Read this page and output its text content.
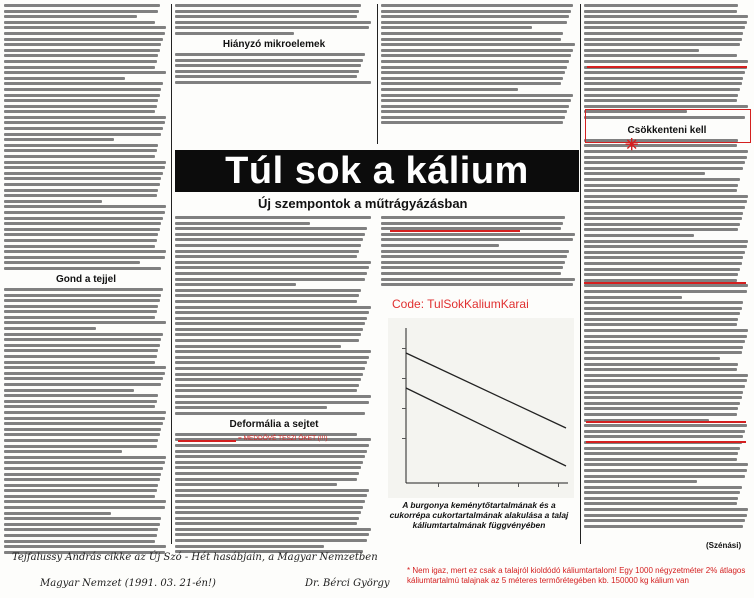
Gond a tejjel
Hiányzó mikroelemek
Csökkenteni kell
Túl sok a kálium
Új szempontok a műtrágyázásban
Deformália a sejtet
Code: TulSokKaliumKarai
A burgonya keménytőtartalmának és a cukorrépa cukortartalmának alakulása a talaj káliumtartalmának függvényében
= MEDDŐVÉ TESZI ŐKET (!!!)
(Szénási)
✳
Tejfalussy András cikke az Új Szó - Hét hasábjain, a Magyar Nemzetben
Magyar Nemzet (1991. 03. 21-én!)	Dr. Bérci György
* Nem igaz, mert ez csak a talajról kioldódó káliumtartalom! Egy 1000 négyzetméter 2% átlagos káliumtartalmú talajnak az 5 méteres termőrétegében kb. 150000 kg kálium van
